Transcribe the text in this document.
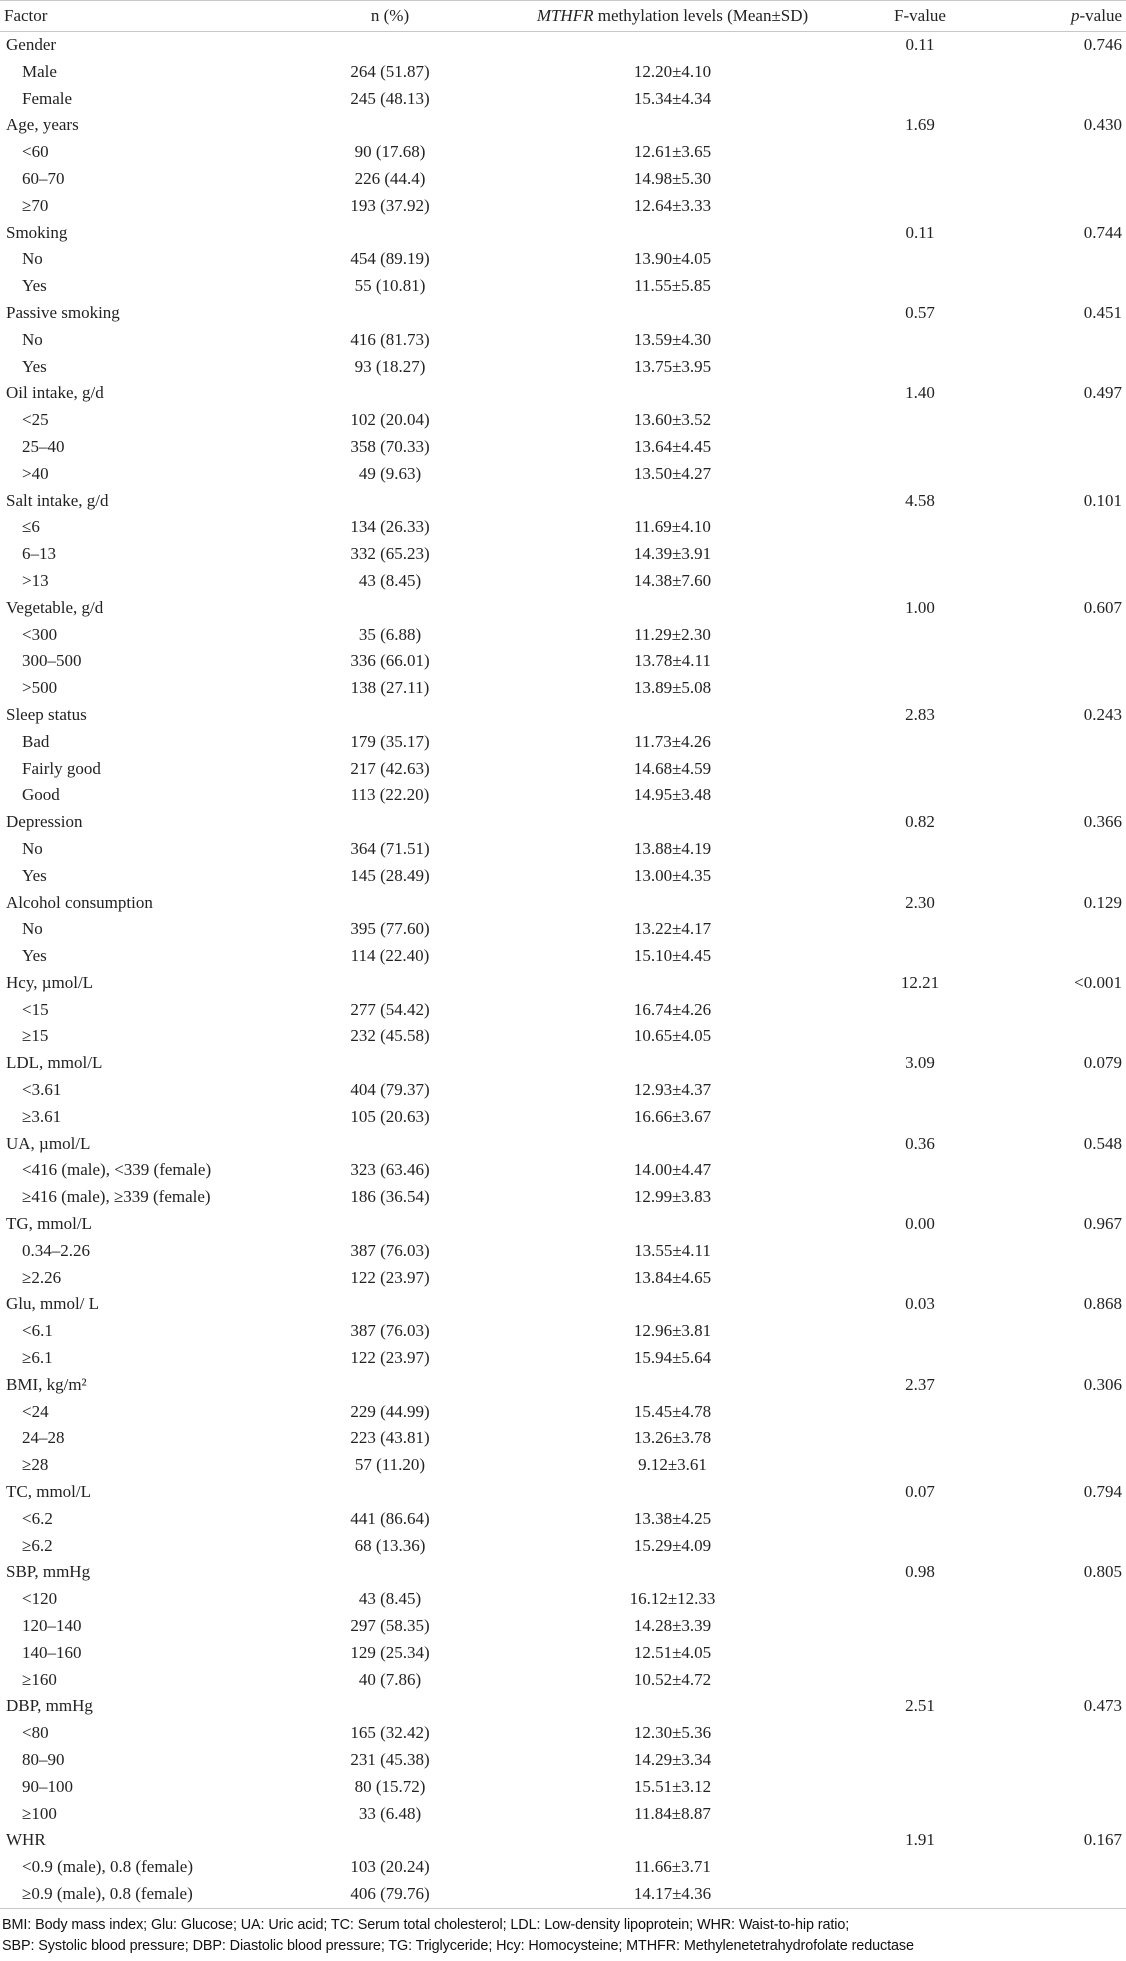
Factor	n (%)	MTHFR methylation levels (Mean±SD)	F-value	p-value
Gender			0.11	0.746
Male	264 (51.87)	12.20±4.10		
Female	245 (48.13)	15.34±4.34		
Age, years			1.69	0.430
<60	90 (17.68)	12.61±3.65		
60–70	226 (44.4)	14.98±5.30		
≥70	193 (37.92)	12.64±3.33		
Smoking			0.11	0.744
No	454 (89.19)	13.90±4.05		
Yes	55 (10.81)	11.55±5.85		
Passive smoking			0.57	0.451
No	416 (81.73)	13.59±4.30		
Yes	93 (18.27)	13.75±3.95		
Oil intake, g/d			1.40	0.497
<25	102 (20.04)	13.60±3.52		
25–40	358 (70.33)	13.64±4.45		
>40	49 (9.63)	13.50±4.27		
Salt intake, g/d			4.58	0.101
≤6	134 (26.33)	11.69±4.10		
6–13	332 (65.23)	14.39±3.91		
>13	43 (8.45)	14.38±7.60		
Vegetable, g/d			1.00	0.607
<300	35 (6.88)	11.29±2.30		
300–500	336 (66.01)	13.78±4.11		
>500	138 (27.11)	13.89±5.08		
Sleep status			2.83	0.243
Bad	179 (35.17)	11.73±4.26		
Fairly good	217 (42.63)	14.68±4.59		
Good	113 (22.20)	14.95±3.48		
Depression			0.82	0.366
No	364 (71.51)	13.88±4.19		
Yes	145 (28.49)	13.00±4.35		
Alcohol consumption			2.30	0.129
No	395 (77.60)	13.22±4.17		
Yes	114 (22.40)	15.10±4.45		
Hcy, µmol/L			12.21	<0.001
<15	277 (54.42)	16.74±4.26		
≥15	232 (45.58)	10.65±4.05		
LDL, mmol/L			3.09	0.079
<3.61	404 (79.37)	12.93±4.37		
≥3.61	105 (20.63)	16.66±3.67		
UA, µmol/L			0.36	0.548
<416 (male), <339 (female)	323 (63.46)	14.00±4.47		
≥416 (male), ≥339 (female)	186 (36.54)	12.99±3.83		
TG, mmol/L			0.00	0.967
0.34–2.26	387 (76.03)	13.55±4.11		
≥2.26	122 (23.97)	13.84±4.65		
Glu, mmol/ L			0.03	0.868
<6.1	387 (76.03)	12.96±3.81		
≥6.1	122 (23.97)	15.94±5.64		
BMI, kg/m²			2.37	0.306
<24	229 (44.99)	15.45±4.78		
24–28	223 (43.81)	13.26±3.78		
≥28	57 (11.20)	9.12±3.61		
TC, mmol/L			0.07	0.794
<6.2	441 (86.64)	13.38±4.25		
≥6.2	68 (13.36)	15.29±4.09		
SBP, mmHg			0.98	0.805
<120	43 (8.45)	16.12±12.33		
120–140	297 (58.35)	14.28±3.39		
140–160	129 (25.34)	12.51±4.05		
≥160	40 (7.86)	10.52±4.72		
DBP, mmHg			2.51	0.473
<80	165 (32.42)	12.30±5.36		
80–90	231 (45.38)	14.29±3.34		
90–100	80 (15.72)	15.51±3.12		
≥100	33 (6.48)	11.84±8.87		
WHR			1.91	0.167
<0.9 (male), 0.8 (female)	103 (20.24)	11.66±3.71		
≥0.9 (male), 0.8 (female)	406 (79.76)	14.17±4.36		
BMI: Body mass index; Glu: Glucose; UA: Uric acid; TC: Serum total cholesterol; LDL: Low-density lipoprotein; WHR: Waist-to-hip ratio;
SBP: Systolic blood pressure; DBP: Diastolic blood pressure; TG: Triglyceride; Hcy: Homocysteine; MTHFR: Methylenetetrahydrofolate reductase
